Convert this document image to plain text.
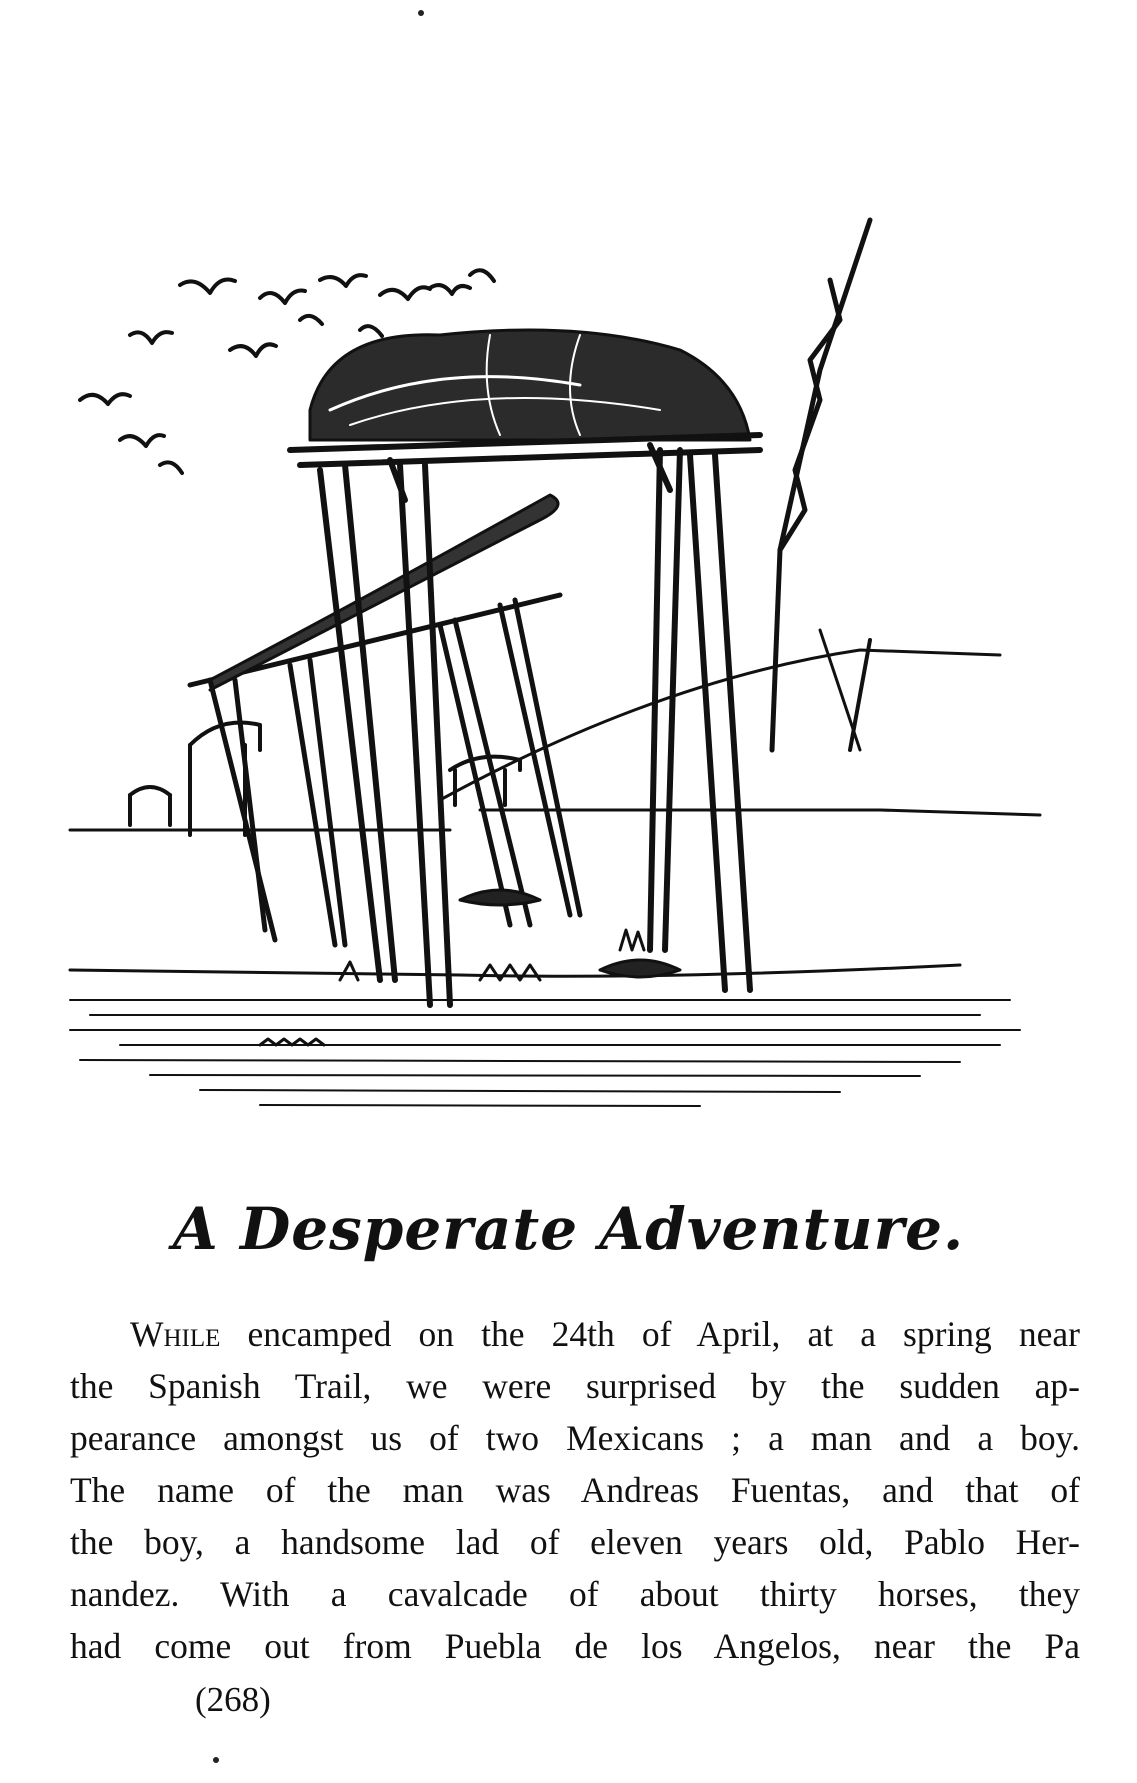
A Desperate Adventure.
While encamped on the 24th of April, at a spring near
the Spanish Trail, we were surprised by the sudden ap-
pearance amongst us of two Mexicans ; a man and a boy.
The name of the man was Andreas Fuentas, and that of
the boy, a handsome lad of eleven years old, Pablo Her-
nandez. With a cavalcade of about thirty horses, they
had come out from Puebla de los Angelos, near the Pa
(268)
